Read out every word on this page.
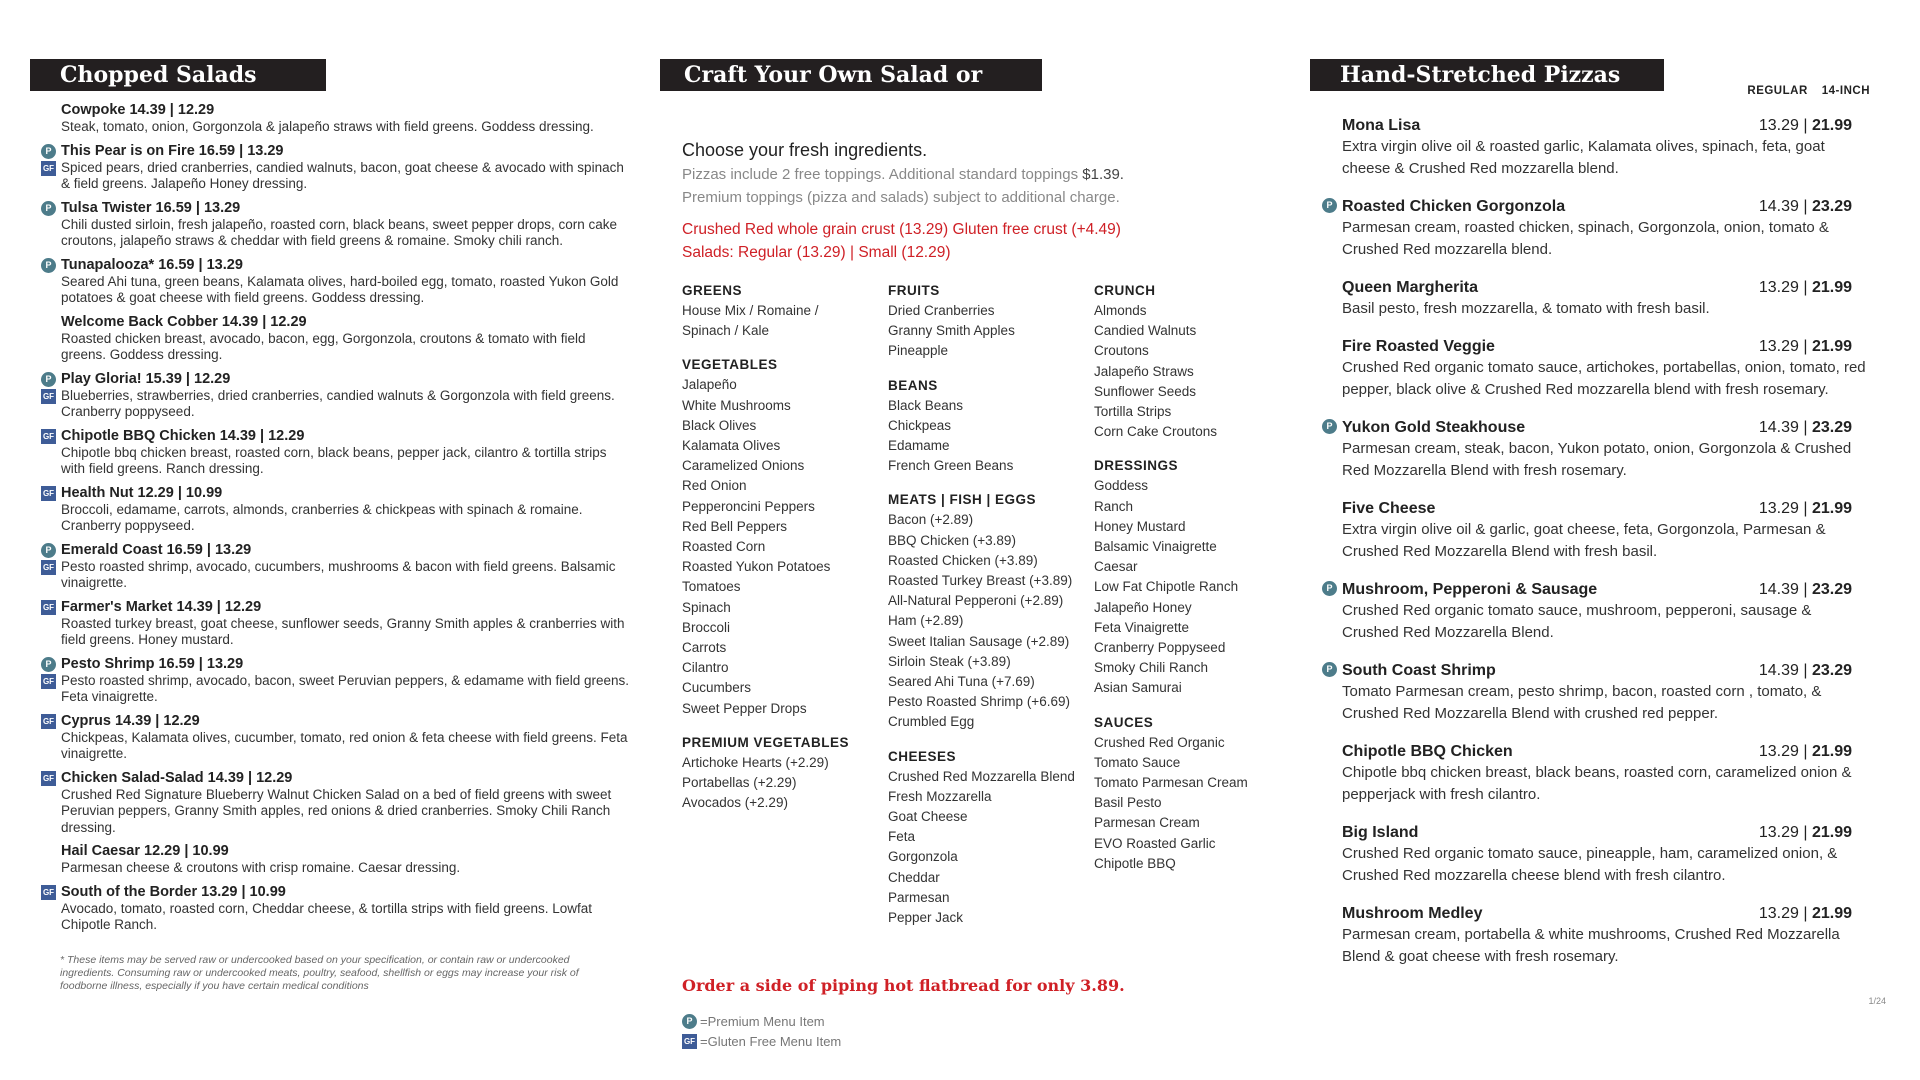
Chopped Salads
Cowpoke 14.39 | 12.29
Steak, tomato, onion, Gorgonzola & jalapeño straws with field greens. Goddess dressing.
P
GF
This Pear is on Fire 16.59 | 13.29
Spiced pears, dried cranberries, candied walnuts, bacon, goat cheese & avocado with spinach & field greens. Jalapeño Honey dressing.
P Tulsa Twister 16.59 | 13.29
Chili dusted sirloin, fresh jalapeño, roasted corn, black beans, sweet pepper drops, corn cake croutons, jalapeño straws & cheddar with field greens & romaine. Smoky chili ranch.
P Tunapalooza* 16.59 | 13.29
Seared Ahi tuna, green beans, Kalamata olives, hard-boiled egg, tomato, roasted Yukon Gold potatoes & goat cheese with field greens. Goddess dressing.
Welcome Back Cobber 14.39 | 12.29
Roasted chicken breast, avocado, bacon, egg, Gorgonzola, croutons & tomato with field greens. Goddess dressing.
P
GF
Play Gloria! 15.39 | 12.29
Blueberries, strawberries, dried cranberries, candied walnuts & Gorgonzola with field greens. Cranberry poppyseed.
GF Chipotle BBQ Chicken 14.39 | 12.29
Chipotle bbq chicken breast, roasted corn, black beans, pepper jack, cilantro & tortilla strips with field greens. Ranch dressing.
GF Health Nut 12.29 | 10.99
Broccoli, edamame, carrots, almonds, cranberries & chickpeas with spinach & romaine. Cranberry poppyseed.
P
GF
Emerald Coast 16.59 | 13.29
Pesto roasted shrimp, avocado, cucumbers, mushrooms & bacon with field greens. Balsamic vinaigrette.
GF Farmer's Market 14.39 | 12.29
Roasted turkey breast, goat cheese, sunflower seeds, Granny Smith apples & cranberries with field greens. Honey mustard.
P
GF
Pesto Shrimp 16.59 | 13.29
Pesto roasted shrimp, avocado, bacon, sweet Peruvian peppers, & edamame with field greens. Feta vinaigrette.
GF Cyprus 14.39 | 12.29
Chickpeas, Kalamata olives, cucumber, tomato, red onion & feta cheese with field greens. Feta vinaigrette.
GF Chicken Salad-Salad 14.39 | 12.29
Crushed Red Signature Blueberry Walnut Chicken Salad on a bed of field greens with sweet Peruvian peppers, Granny Smith apples, red onions & dried cranberries. Smoky Chili Ranch dressing.
Hail Caesar 12.29 | 10.99
Parmesan cheese & croutons with crisp romaine. Caesar dressing.
GF South of the Border 13.29 | 10.99
Avocado, tomato, roasted corn, Cheddar cheese, & tortilla strips with field greens. Lowfat Chipotle Ranch.
* These items may be served raw or undercooked based on your specification, or contain raw or undercooked ingredients. Consuming raw or undercooked meats, poultry, seafood, shellfish or eggs may increase your risk of foodborne illness, especially if you have certain medical conditions
Craft Your Own Salad or Pizza
Choose your fresh ingredients.
Pizzas include 2 free toppings. Additional standard toppings $1.39.
Premium toppings (pizza and salads) subject to additional charge.
Crushed Red whole grain crust (13.29) Gluten free crust (+4.49)
Salads: Regular (13.29) | Small (12.29)
GREENS
House Mix / Romaine /
Spinach / Kale
VEGETABLES
Jalapeño
White Mushrooms
Black Olives
Kalamata Olives
Caramelized Onions
Red Onion
Pepperoncini Peppers
Red Bell Peppers
Roasted Corn
Roasted Yukon Potatoes
Tomatoes
Spinach
Broccoli
Carrots
Cilantro
Cucumbers
Sweet Pepper Drops
PREMIUM VEGETABLES
Artichoke Hearts (+2.29)
Portabellas (+2.29)
Avocados (+2.29)
FRUITS
Dried Cranberries
Granny Smith Apples
Pineapple
BEANS
Black Beans
Chickpeas
Edamame
French Green Beans
MEATS | FISH | EGGS
Bacon (+2.89)
BBQ Chicken (+3.89)
Roasted Chicken (+3.89)
Roasted Turkey Breast (+3.89)
All-Natural Pepperoni (+2.89)
Ham (+2.89)
Sweet Italian Sausage (+2.89)
Sirloin Steak (+3.89)
Seared Ahi Tuna (+7.69)
Pesto Roasted Shrimp (+6.69)
Crumbled Egg
CHEESES
Crushed Red Mozzarella Blend
Fresh Mozzarella
Goat Cheese
Feta
Gorgonzola
Cheddar
Parmesan
Pepper Jack
CRUNCH
Almonds
Candied Walnuts
Croutons
Jalapeño Straws
Sunflower Seeds
Tortilla Strips
Corn Cake Croutons
DRESSINGS
Goddess
Ranch
Honey Mustard
Balsamic Vinaigrette
Caesar
Low Fat Chipotle Ranch
Jalapeño Honey
Feta Vinaigrette
Cranberry Poppyseed
Smoky Chili Ranch
Asian Samurai
SAUCES
Crushed Red Organic
Tomato Sauce
Tomato Parmesan Cream
Basil Pesto
Parmesan Cream
EVO Roasted Garlic
Chipotle BBQ
Order a side of piping hot flatbread for only 3.89.
P =Premium Menu Item
GF =Gluten Free Menu Item
Hand-Stretched Pizzas
REGULAR 14-INCH
Mona Lisa	13.29 | 21.99
Extra virgin olive oil & roasted garlic, Kalamata olives, spinach, feta, goat cheese & Crushed Red mozzarella blend.
P Roasted Chicken Gorgonzola	14.39 | 23.29
Parmesan cream, roasted chicken, spinach, Gorgonzola, onion, tomato & Crushed Red mozzarella blend.
Queen Margherita	13.29 | 21.99
Basil pesto, fresh mozzarella, & tomato with fresh basil.
Fire Roasted Veggie	13.29 | 21.99
Crushed Red organic tomato sauce, artichokes, portabellas, onion, tomato, red pepper, black olive & Crushed Red mozzarella blend with fresh rosemary.
P Yukon Gold Steakhouse	14.39 | 23.29
Parmesan cream, steak, bacon, Yukon potato, onion, Gorgonzola & Crushed Red Mozzarella Blend with fresh rosemary.
Five Cheese	13.29 | 21.99
Extra virgin olive oil & garlic, goat cheese, feta, Gorgonzola, Parmesan & Crushed Red Mozzarella Blend with fresh basil.
P Mushroom, Pepperoni & Sausage	14.39 | 23.29
Crushed Red organic tomato sauce, mushroom, pepperoni, sausage & Crushed Red Mozzarella Blend.
P South Coast Shrimp	14.39 | 23.29
Tomato Parmesan cream, pesto shrimp, bacon, roasted corn , tomato, & Crushed Red Mozzarella Blend with crushed red pepper.
Chipotle BBQ Chicken	13.29 | 21.99
Chipotle bbq chicken breast, black beans, roasted corn, caramelized onion & pepperjack with fresh cilantro.
Big Island	13.29 | 21.99
Crushed Red organic tomato sauce, pineapple, ham, caramelized onion, & Crushed Red mozzarella cheese blend with fresh cilantro.
Mushroom Medley	13.29 | 21.99
Parmesan cream, portabella & white mushrooms, Crushed Red Mozzarella Blend & goat cheese with fresh rosemary.
1/24
